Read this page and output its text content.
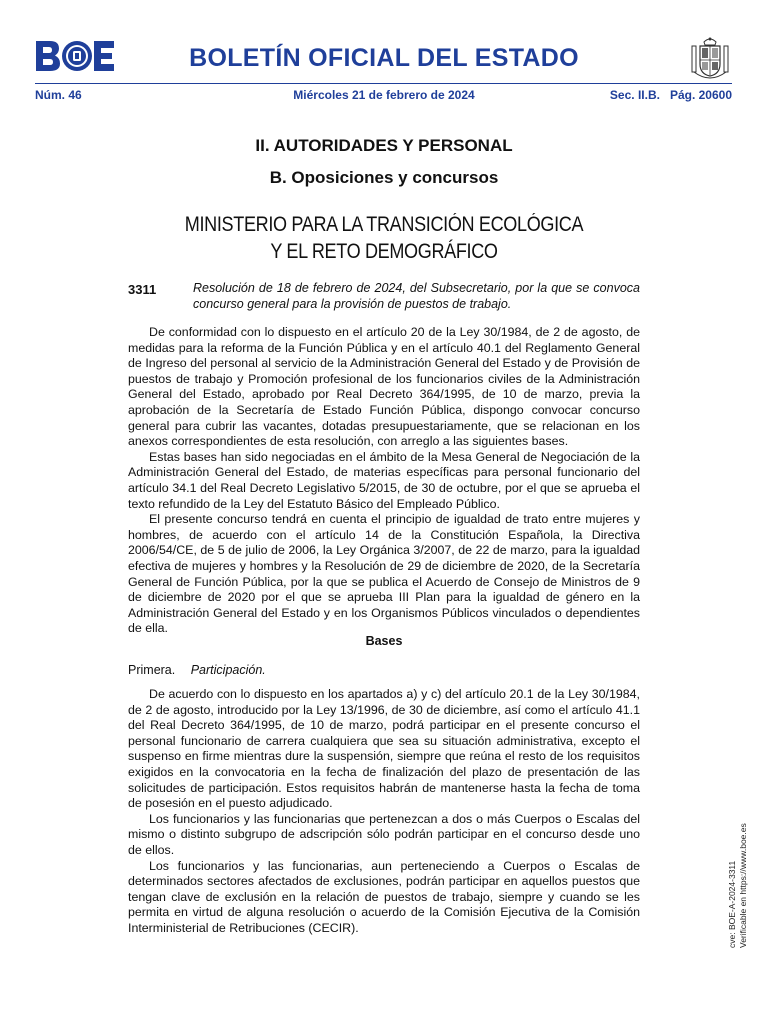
BOLETÍN OFICIAL DEL ESTADO
Núm. 46	Miércoles 21 de febrero de 2024	Sec. II.B.   Pág. 20600
II. AUTORIDADES Y PERSONAL
B. Oposiciones y concursos
MINISTERIO PARA LA TRANSICIÓN ECOLÓGICA
Y EL RETO DEMOGRÁFICO
3311	Resolución de 18 de febrero de 2024, del Subsecretario, por la que se convoca concurso general para la provisión de puestos de trabajo.

De conformidad con lo dispuesto en el artículo 20 de la Ley 30/1984, de 2 de agosto, de medidas para la reforma de la Función Pública y en el artículo 40.1 del Reglamento General de Ingreso del personal al servicio de la Administración General del Estado y de Provisión de puestos de trabajo y Promoción profesional de los funcionarios civiles de la Administración General del Estado, aprobado por Real Decreto 364/1995, de 10 de marzo, previa la aprobación de la Secretaría de Estado Función Pública, dispongo convocar concurso general para cubrir las vacantes, dotadas presupuestariamente, que se relacionan en los anexos correspondientes de esta resolución, con arreglo a las siguientes bases.

Estas bases han sido negociadas en el ámbito de la Mesa General de Negociación de la Administración General del Estado, de materias específicas para personal funcionario del artículo 34.1 del Real Decreto Legislativo 5/2015, de 30 de octubre, por el que se aprueba el texto refundido de la Ley del Estatuto Básico del Empleado Público.

El presente concurso tendrá en cuenta el principio de igualdad de trato entre mujeres y hombres, de acuerdo con el artículo 14 de la Constitución Española, la Directiva 2006/54/CE, de 5 de julio de 2006, la Ley Orgánica 3/2007, de 22 de marzo, para la igualdad efectiva de mujeres y hombres y la Resolución de 29 de diciembre de 2020, de la Secretaría General de Función Pública, por la que se publica el Acuerdo de Consejo de Ministros de 9 de diciembre de 2020 por el que se aprueba III Plan para la igualdad de género en la Administración General del Estado y en los Organismos Públicos vinculados o dependientes de ella.

Bases
Primera. Participación.

De acuerdo con lo dispuesto en los apartados a) y c) del artículo 20.1 de la Ley 30/1984, de 2 de agosto, introducido por la Ley 13/1996, de 30 de diciembre, así como el artículo 41.1 del Real Decreto 364/1995, de 10 de marzo, podrá participar en el presente concurso el personal funcionario de carrera cualquiera que sea su situación administrativa, excepto el suspenso en firme mientras dure la suspensión, siempre que reúna el resto de los requisitos exigidos en la convocatoria en la fecha de finalización del plazo de presentación de las solicitudes de participación. Estos requisitos habrán de mantenerse hasta la fecha de toma de posesión en el puesto adjudicado.

Los funcionarios y las funcionarias que pertenezcan a dos o más Cuerpos o Escalas del mismo o distinto subgrupo de adscripción sólo podrán participar en el concurso desde uno de ellos.

Los funcionarios y las funcionarias, aun perteneciendo a Cuerpos o Escalas de determinados sectores afectados de exclusiones, podrán participar en aquellos puestos que tengan clave de exclusión en la relación de puestos de trabajo, siempre y cuando se les permita en virtud de alguna resolución o acuerdo de la Comisión Ejecutiva de la Comisión Interministerial de Retribuciones (CECIR).	cve: BOE-A-2024-3311 Verificable en https://www.boe.es
